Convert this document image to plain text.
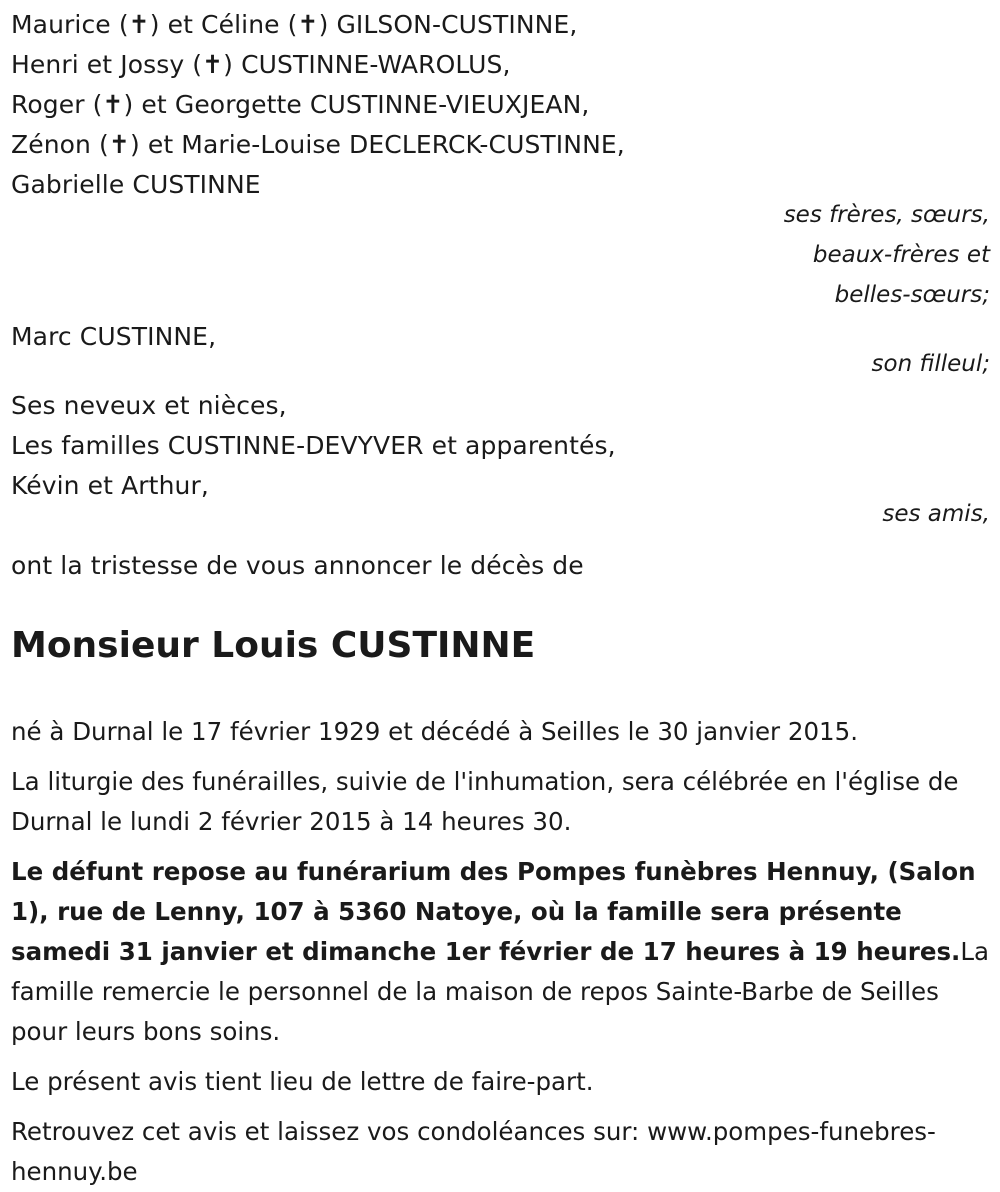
Maurice (✝) et Céline (✝) GILSON-CUSTINNE,
Henri et Jossy (✝) CUSTINNE-WAROLUS,
Roger (✝) et Georgette CUSTINNE-VIEUXJEAN,
Zénon (✝) et Marie-Louise DECLERCK-CUSTINNE,
Gabrielle CUSTINNE
ses frères, sœurs,
beaux-frères et
belles-sœurs;
Marc CUSTINNE,
son filleul;
Ses neveux et nièces,
Les familles CUSTINNE-DEVYVER et apparentés,
Kévin et Arthur,
ses amis,
ont la tristesse de vous annoncer le décès de
Monsieur Louis CUSTINNE

né à Durnal le 17 février 1929 et décédé à Seilles le 30 janvier 2015.

La liturgie des funérailles, suivie de l'inhumation, sera célébrée en l'église de Durnal le lundi 2 février 2015 à 14 heures 30.

Le défunt repose au funérarium des Pompes funèbres Hennuy, (Salon 1), rue de Lenny, 107 à 5360 Natoye, où la famille sera présente samedi 31 janvier et dimanche 1er février de 17 heures à 19 heures.La famille remercie le personnel de la maison de repos Sainte-Barbe de Seilles pour leurs bons soins.

Le présent avis tient lieu de lettre de faire-part.

Retrouvez cet avis et laissez vos condoléances sur: www.pompes-funebres-hennuy.be
